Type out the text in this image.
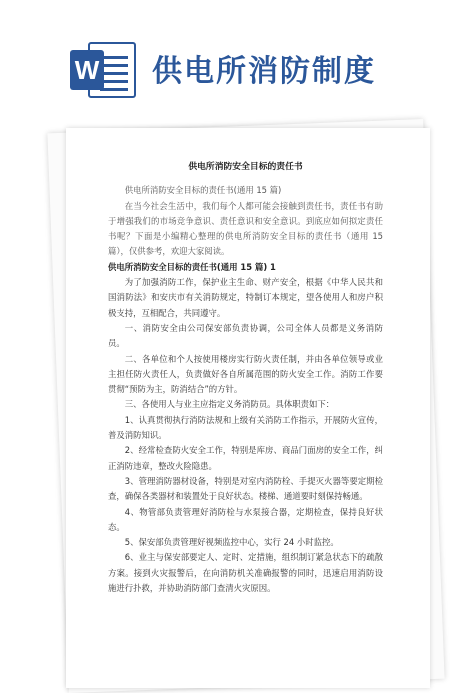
W 供电所消防制度

供电所消防安全目标的责任书

供电所消防安全目标的责任书(通用 15 篇)

在当今社会生活中，我们每个人都可能会接触到责任书，责任书有助于增强我们的市场竞争意识、责任意识和安全意识。到底应如何拟定责任书呢？下面是小编精心整理的供电所消防安全目标的责任书（通用 15 篇），仅供参考，欢迎大家阅读。

供电所消防安全目标的责任书(通用 15 篇) 1

为了加强消防工作，保护业主生命、财产安全，根据《中华人民共和国消防法》和安庆市有关消防规定，特制订本规定，望各使用人和房户积极支持，互相配合，共同遵守。

一、消防安全由公司保安部负责协调，公司全体人员都是义务消防员。

二、各单位和个人按使用楼房实行防火责任制，并由各单位领导或业主担任防火责任人，负责做好各自所属范围的防火安全工作。消防工作要贯彻“预防为主，防消结合”的方针。

三、各使用人与业主应指定义务消防员。具体职责如下：

1、认真贯彻执行消防法规和上级有关消防工作指示，开展防火宣传，普及消防知识。

2、经常检查防火安全工作，特别是库房、商品门面房的安全工作，纠正消防违章，整改火险隐患。

3、管理消防器材设备，特别是对室内消防栓、手提灭火器等要定期检查，确保各类器材和装置处于良好状态。楼梯、通道要时刻保持畅通。

4、物管部负责管理好消防栓与水泵接合器，定期检查，保持良好状态。

5、保安部负责管理好视频监控中心，实行 24 小时监控。

6、业主与保安部要定人、定时、定措施，组织制订紧急状态下的疏散方案。接到火灾报警后，在向消防机关准确报警的同时，迅速启用消防设施进行扑救，并协助消防部门查清火灾原因。
